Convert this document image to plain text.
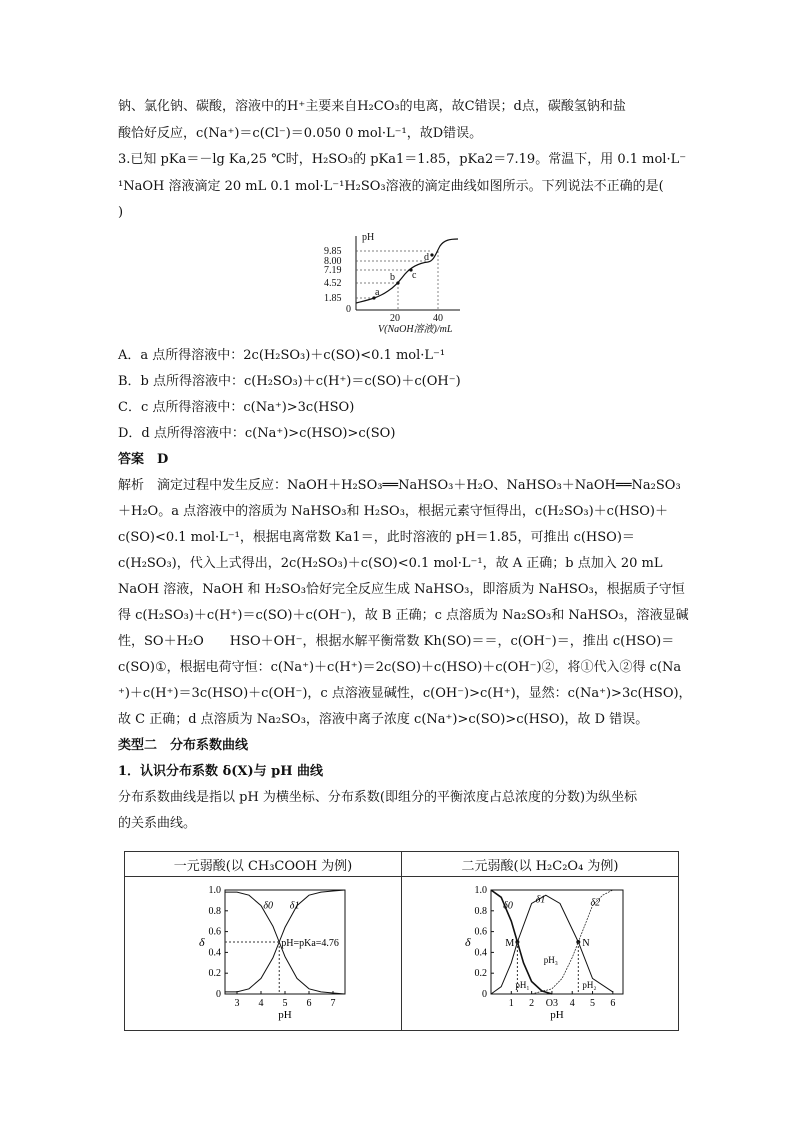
钠、氯化钠、碳酸，溶液中的H⁺主要来自H₂CO₃的电离，故C错误；d点，碳酸氢钠和盐
酸恰好反应，c(Na⁺)＝c(Cl⁻)＝0.050 0 mol·L⁻¹，故D错误。
3.已知 pKa＝－lg Ka,25 ℃时，H₂SO₃的 pKa1＝1.85，pKa2＝7.19。常温下，用 0.1 mol·L⁻
¹NaOH 溶液滴定 20 mL 0.1 mol·L⁻¹H₂SO₃溶液的滴定曲线如图所示。下列说法不正确的是(
)
pH
9.85
8.00
7.19
4.52
1.85
0
20	40
V(NaOH溶液)/mL
a
b c
d
A．a 点所得溶液中：2c(H₂SO₃)＋c(SO)<0.1 mol·L⁻¹
B．b 点所得溶液中：c(H₂SO₃)＋c(H⁺)＝c(SO)＋c(OH⁻)
C．c 点所得溶液中：c(Na⁺)>3c(HSO)
D．d 点所得溶液中：c(Na⁺)>c(HSO)>c(SO)
答案　D
解析　滴定过程中发生反应：NaOH＋H₂SO₃══NaHSO₃＋H₂O、NaHSO₃＋NaOH══Na₂SO₃
＋H₂O。a 点溶液中的溶质为 NaHSO₃和 H₂SO₃，根据元素守恒得出，c(H₂SO₃)＋c(HSO)＋
c(SO)<0.1 mol·L⁻¹，根据电离常数 Ka1＝，此时溶液的 pH＝1.85，可推出 c(HSO)＝
c(H₂SO₃)，代入上式得出，2c(H₂SO₃)＋c(SO)<0.1 mol·L⁻¹，故 A 正确；b 点加入 20 mL
NaOH 溶液，NaOH 和 H₂SO₃恰好完全反应生成 NaHSO₃，即溶质为 NaHSO₃，根据质子守恒
得 c(H₂SO₃)＋c(H⁺)＝c(SO)＋c(OH⁻)，故 B 正确；c 点溶质为 Na₂SO₃和 NaHSO₃，溶液显碱
性，SO＋H₂O　　HSO＋OH⁻，根据水解平衡常数 Kh(SO)＝＝，c(OH⁻)＝，推出 c(HSO)＝
c(SO)①，根据电荷守恒：c(Na⁺)＋c(H⁺)＝2c(SO)＋c(HSO)＋c(OH⁻)②，将①代入②得 c(Na
⁺)＋c(H⁺)＝3c(HSO)＋c(OH⁻)，c 点溶液显碱性，c(OH⁻)>c(H⁺)，显然：c(Na⁺)>3c(HSO)，
故 C 正确；d 点溶质为 Na₂SO₃，溶液中离子浓度 c(Na⁺)>c(SO)>c(HSO)，故 D 错误。
类型二　分布系数曲线
1．认识分布系数 δ(X)与 pH 曲线
分布系数曲线是指以 pH 为横坐标、分布系数(即组分的平衡浓度占总浓度的分数)为纵坐标
的关系曲线。
一元弱酸(以 CH₃COOH 为例)	二元弱酸(以 H₂C₂O₄ 为例)
0
0.2
0.4
0.6
0.8
1.0
3 4 5 6 7
pH
δ
δ0 δ1
pH=pKa=4.76
0
0.2
0.4
0.6
0.8
1.0
1 2 O3 4 5 6
pH
δ
δ0
δ1	δ2
M	N
pH₁	pH₂
pH₃
